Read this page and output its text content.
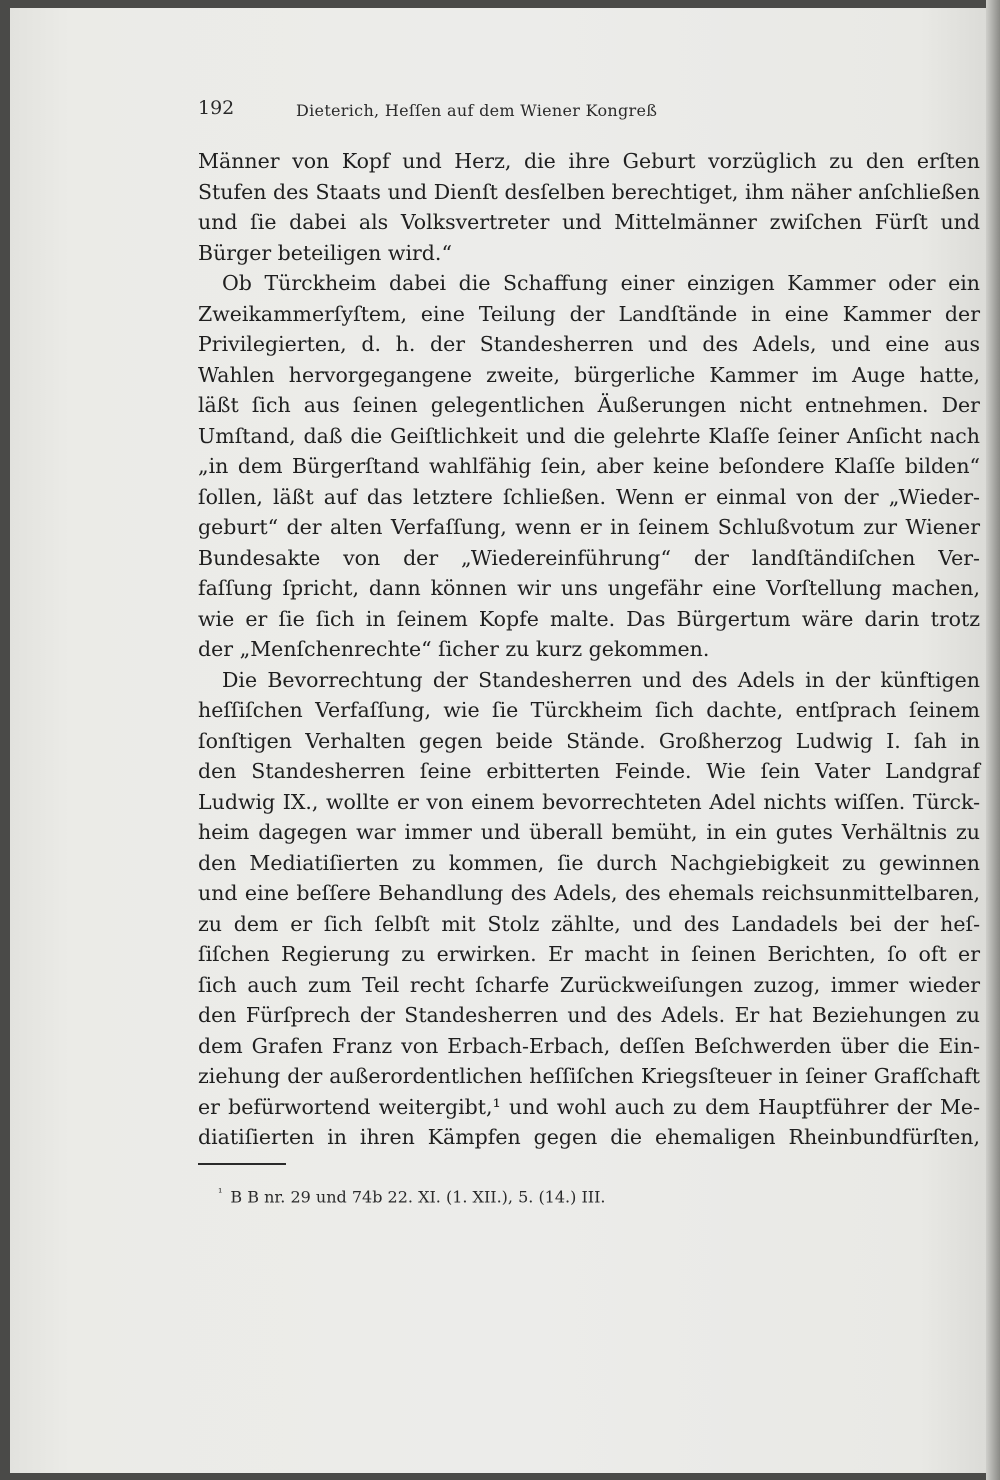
192	Dieterich, Heſſen auf dem Wiener Kongreß
Männer von Kopf und Herz, die ihre Geburt vorzüglich zu den erſten
Stufen des Staats und Dienſt desſelben berechtiget, ihm näher anſchließen
und ſie dabei als Volksvertreter und Mittelmänner zwiſchen Fürſt und
Bürger beteiligen wird.“
Ob Türckheim dabei die Schaffung einer einzigen Kammer oder ein
Zweikammerſyſtem, eine Teilung der Landſtände in eine Kammer der
Privilegierten, d. h. der Standesherren und des Adels, und eine aus
Wahlen hervorgegangene zweite, bürgerliche Kammer im Auge hatte,
läßt ſich aus ſeinen gelegentlichen Äußerungen nicht entnehmen. Der
Umſtand, daß die Geiſtlichkeit und die gelehrte Klaſſe ſeiner Anſicht nach
„in dem Bürgerſtand wahlfähig ſein, aber keine beſondere Klaſſe bilden“
ſollen, läßt auf das letztere ſchließen. Wenn er einmal von der „Wieder-
geburt“ der alten Verfaſſung, wenn er in ſeinem Schlußvotum zur Wiener
Bundesakte von der „Wiedereinführung“ der landſtändiſchen Ver-
faſſung ſpricht, dann können wir uns ungefähr eine Vorſtellung machen,
wie er ſie ſich in ſeinem Kopfe malte. Das Bürgertum wäre darin trotz
der „Menſchenrechte“ ſicher zu kurz gekommen.
Die Bevorrechtung der Standesherren und des Adels in der künftigen
heſſiſchen Verfaſſung, wie ſie Türckheim ſich dachte, entſprach ſeinem
ſonſtigen Verhalten gegen beide Stände. Großherzog Ludwig I. ſah in
den Standesherren ſeine erbitterten Feinde. Wie ſein Vater Landgraf
Ludwig IX., wollte er von einem bevorrechteten Adel nichts wiſſen. Türck-
heim dagegen war immer und überall bemüht, in ein gutes Verhältnis zu
den Mediatiſierten zu kommen, ſie durch Nachgiebigkeit zu gewinnen
und eine beſſere Behandlung des Adels, des ehemals reichsunmittelbaren,
zu dem er ſich ſelbſt mit Stolz zählte, und des Landadels bei der heſ-
ſiſchen Regierung zu erwirken. Er macht in ſeinen Berichten, ſo oft er
ſich auch zum Teil recht ſcharfe Zurückweiſungen zuzog, immer wieder
den Fürſprech der Standesherren und des Adels. Er hat Beziehungen zu
dem Grafen Franz von Erbach-Erbach, deſſen Beſchwerden über die Ein-
ziehung der außerordentlichen heſſiſchen Kriegsſteuer in ſeiner Grafſchaft
er befürwortend weitergibt,¹ und wohl auch zu dem Hauptführer der Me-
diatiſierten in ihren Kämpfen gegen die ehemaligen Rheinbundfürſten,
$^{^1}$ B B nr. 29 und 74b 22. XI. (1. XII.), 5. (14.) III.
